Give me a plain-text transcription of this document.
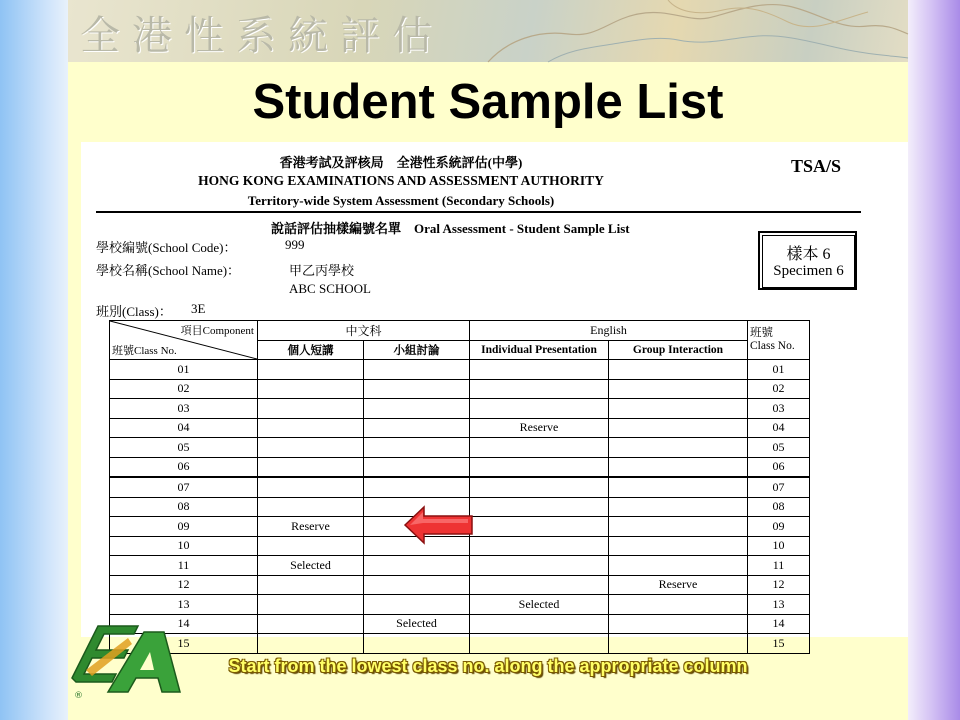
全港性系統評估
Student Sample List
香港考試及評核局　全港性系統評估(中學)
HONG KONG EXAMINATIONS AND ASSESSMENT AUTHORITY
Territory-wide System Assessment (Secondary Schools)
TSA/S
說話評估抽樣編號名單　Oral Assessment - Student Sample List
樣本 6
Specimen 6
學校編號(School Code)：	999
學校名稱(School Name)：	甲乙丙學校
ABC SCHOOL
班別(Class)： 3E
項目Component
班號Class No.	中文科		English		班號
Class No.
	個人短講	小組討論	Individual Presentation	Group Interaction	
01					01
02					02
03					03
04			Reserve		04
05					05
06					06
07					07
08					08
09	Reserve				09
10					10
11	Selected				11
12				Reserve	12
13			Selected		13
14		Selected			14
15					15
®
Start from the lowest class no. along the appropriate column
